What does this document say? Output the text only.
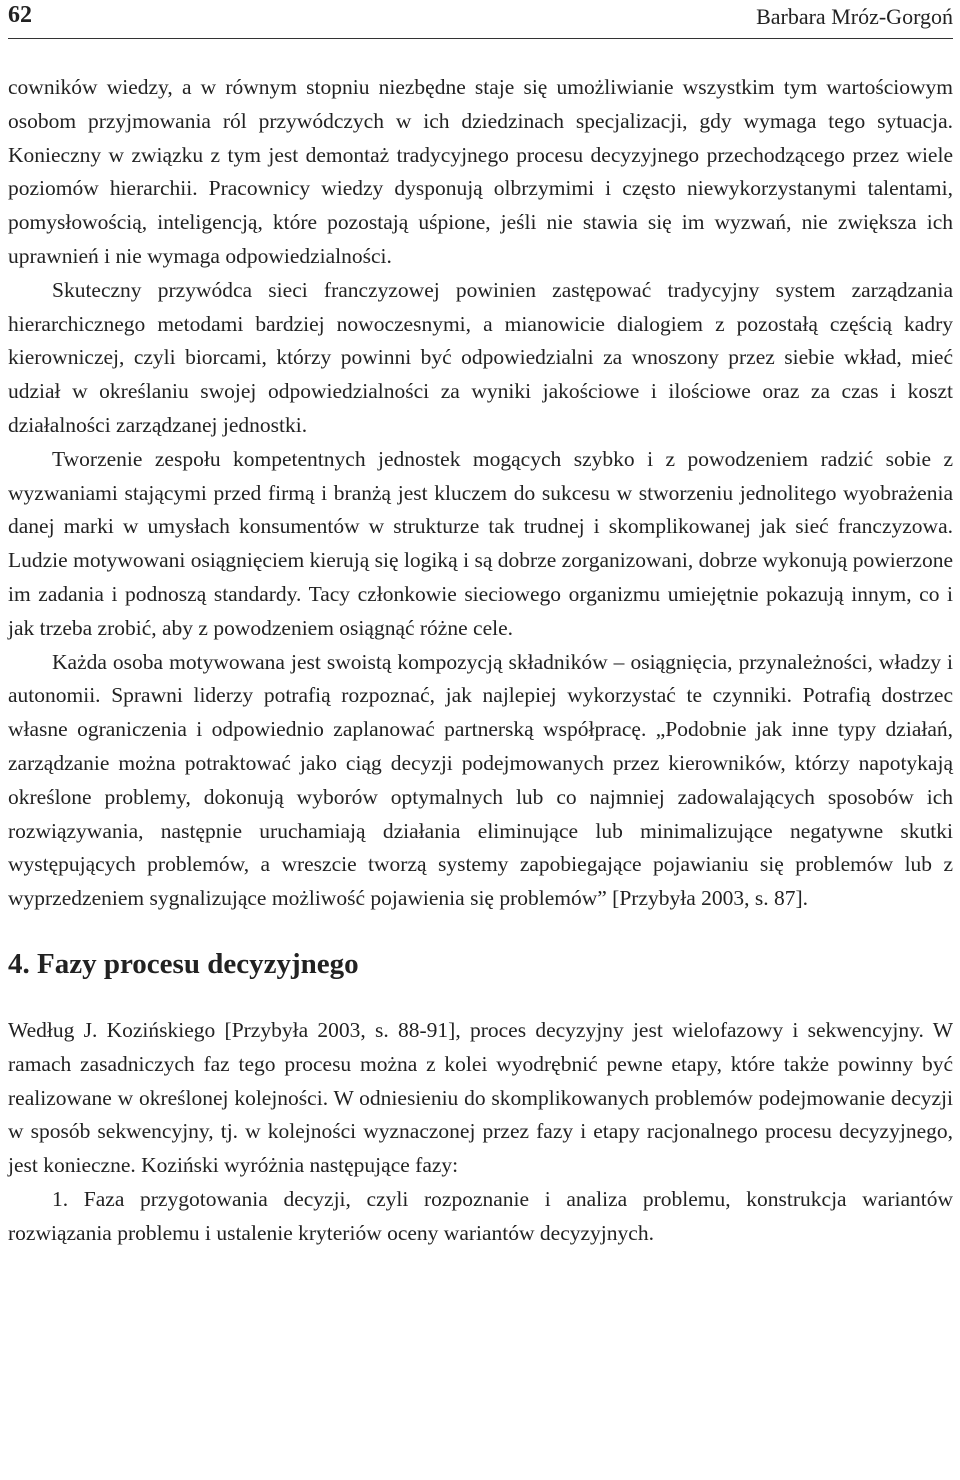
62	Barbara Mróz-Gorgoń

cowników wiedzy, a w równym stopniu niezbędne staje się umożliwianie wszystkim tym wartościowym osobom przyjmowania ról przywódczych w ich dziedzinach specjalizacji, gdy wymaga tego sytuacja. Konieczny w związku z tym jest demontaż tradycyjnego procesu decyzyjnego przechodzącego przez wiele poziomów hierarchii. Pracownicy wiedzy dysponują olbrzymimi i często niewykorzystanymi talentami, pomysłowością, inteligencją, które pozostają uśpione, jeśli nie stawia się im wyzwań, nie zwiększa ich uprawnień i nie wymaga odpowiedzialności.

Skuteczny przywódca sieci franczyzowej powinien zastępować tradycyjny system zarządzania hierarchicznego metodami bardziej nowoczesnymi, a mianowicie dialogiem z pozostałą częścią kadry kierowniczej, czyli biorcami, którzy powinni być odpowiedzialni za wnoszony przez siebie wkład, mieć udział w określaniu swojej odpowiedzialności za wyniki jakościowe i ilościowe oraz za czas i koszt działalności zarządzanej jednostki.

Tworzenie zespołu kompetentnych jednostek mogących szybko i z powodzeniem radzić sobie z wyzwaniami stającymi przed firmą i branżą jest kluczem do sukcesu w stworzeniu jednolitego wyobrażenia danej marki w umysłach konsumentów w strukturze tak trudnej i skomplikowanej jak sieć franczyzowa. Ludzie motywowani osiągnięciem kierują się logiką i są dobrze zorganizowani, dobrze wykonują powierzone im zadania i podnoszą standardy. Tacy członkowie sieciowego organizmu umiejętnie pokazują innym, co i jak trzeba zrobić, aby z powodzeniem osiągnąć różne cele.

Każda osoba motywowana jest swoistą kompozycją składników – osiągnięcia, przynależności, władzy i autonomii. Sprawni liderzy potrafią rozpoznać, jak najlepiej wykorzystać te czynniki. Potrafią dostrzec własne ograniczenia i odpowiednio zaplanować partnerską współpracę. „Podobnie jak inne typy działań, zarządzanie można potraktować jako ciąg decyzji podejmowanych przez kierowników, którzy napotykają określone problemy, dokonują wyborów optymalnych lub co najmniej zadowalających sposobów ich rozwiązywania, następnie uruchamiają działania eliminujące lub minimalizujące negatywne skutki występujących problemów, a wreszcie tworzą systemy zapobiegające pojawianiu się problemów lub z wyprzedzeniem sygnalizujące możliwość pojawienia się problemów” [Przybyła 2003, s. 87].

4. Fazy procesu decyzyjnego

Według J. Kozińskiego [Przybyła 2003, s. 88-91], proces decyzyjny jest wielofazowy i sekwencyjny. W ramach zasadniczych faz tego procesu można z kolei wyodrębnić pewne etapy, które także powinny być realizowane w określonej kolejności. W odniesieniu do skomplikowanych problemów podejmowanie decyzji w sposób sekwencyjny, tj. w kolejności wyznaczonej przez fazy i etapy racjonalnego procesu decyzyjnego, jest konieczne. Koziński wyróżnia następujące fazy:

1. Faza przygotowania decyzji, czyli rozpoznanie i analiza problemu, konstrukcja wariantów rozwiązania problemu i ustalenie kryteriów oceny wariantów decyzyjnych.
